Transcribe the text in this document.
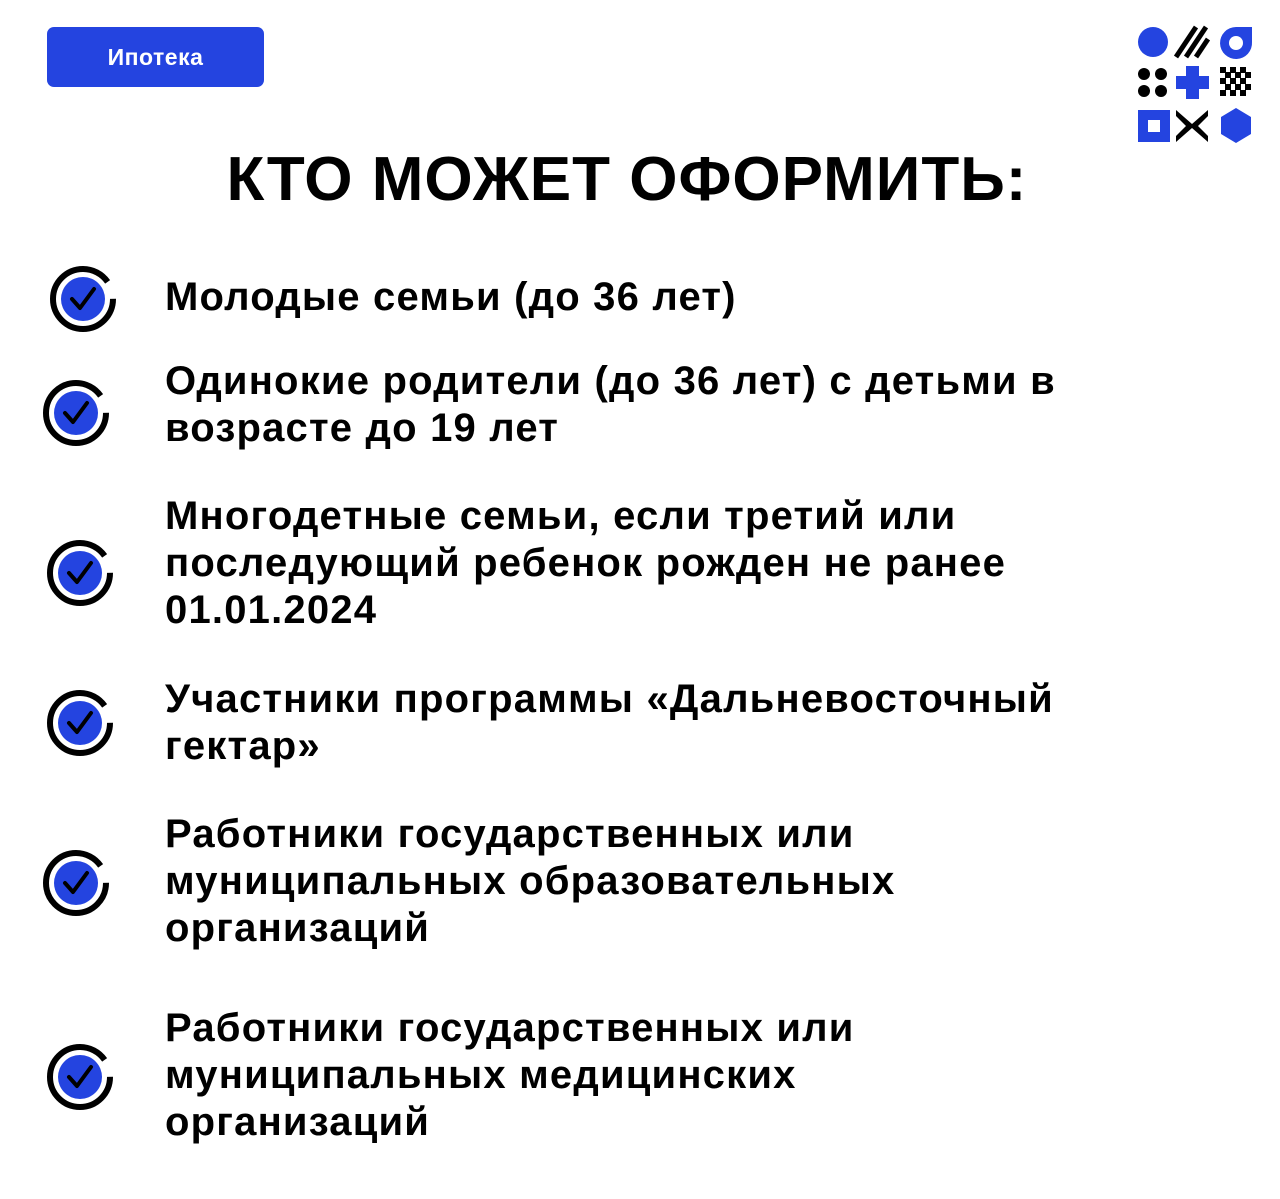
Ипотека
КТО МОЖЕТ ОФОРМИТЬ:
Молодые семьи (до 36 лет)
Одинокие родители (до 36 лет) с детьми в
возрасте до 19 лет
Многодетные семьи, если третий или
последующий ребенок рожден не ранее
01.01.2024
Участники программы «Дальневосточный
гектар»
Работники государственных или
муниципальных образовательных
организаций
Работники государственных или
муниципальных медицинских
организаций
